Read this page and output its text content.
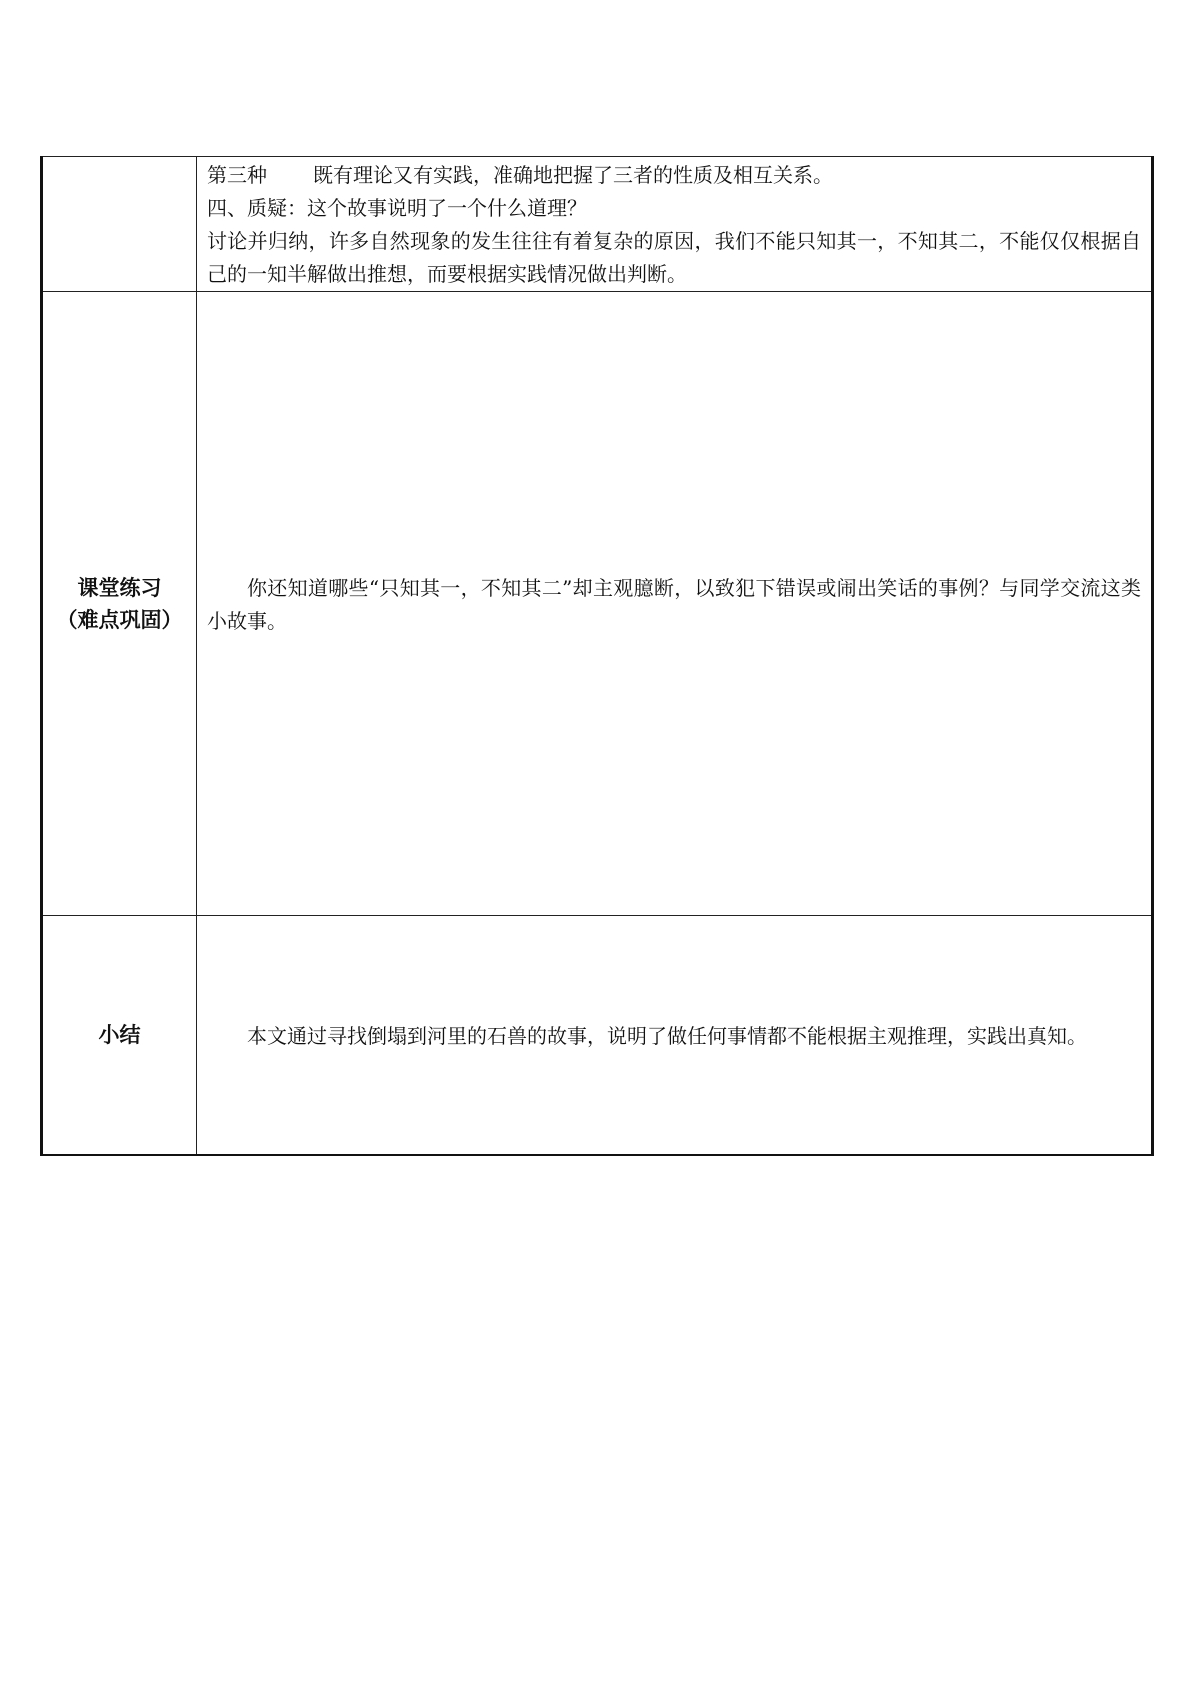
	第三种 既有理论又有实践，准确地把握了三者的性质及相互关系。

四、质疑：这个故事说明了一个什么道理？

讨论并归纳，许多自然现象的发生往往有着复杂的原因，我们不能只知其一，不知其二，不能仅仅根据自己的一知半解做出推想，而要根据实践情况做出判断。

课堂练习
（难点巩固）	你还知道哪些“只知其一，不知其二”却主观臆断，以致犯下错误或闹出笑话的事例？与同学交流这类小故事。

小结	本文通过寻找倒塌到河里的石兽的故事，说明了做任何事情都不能根据主观推理，实践出真知。
